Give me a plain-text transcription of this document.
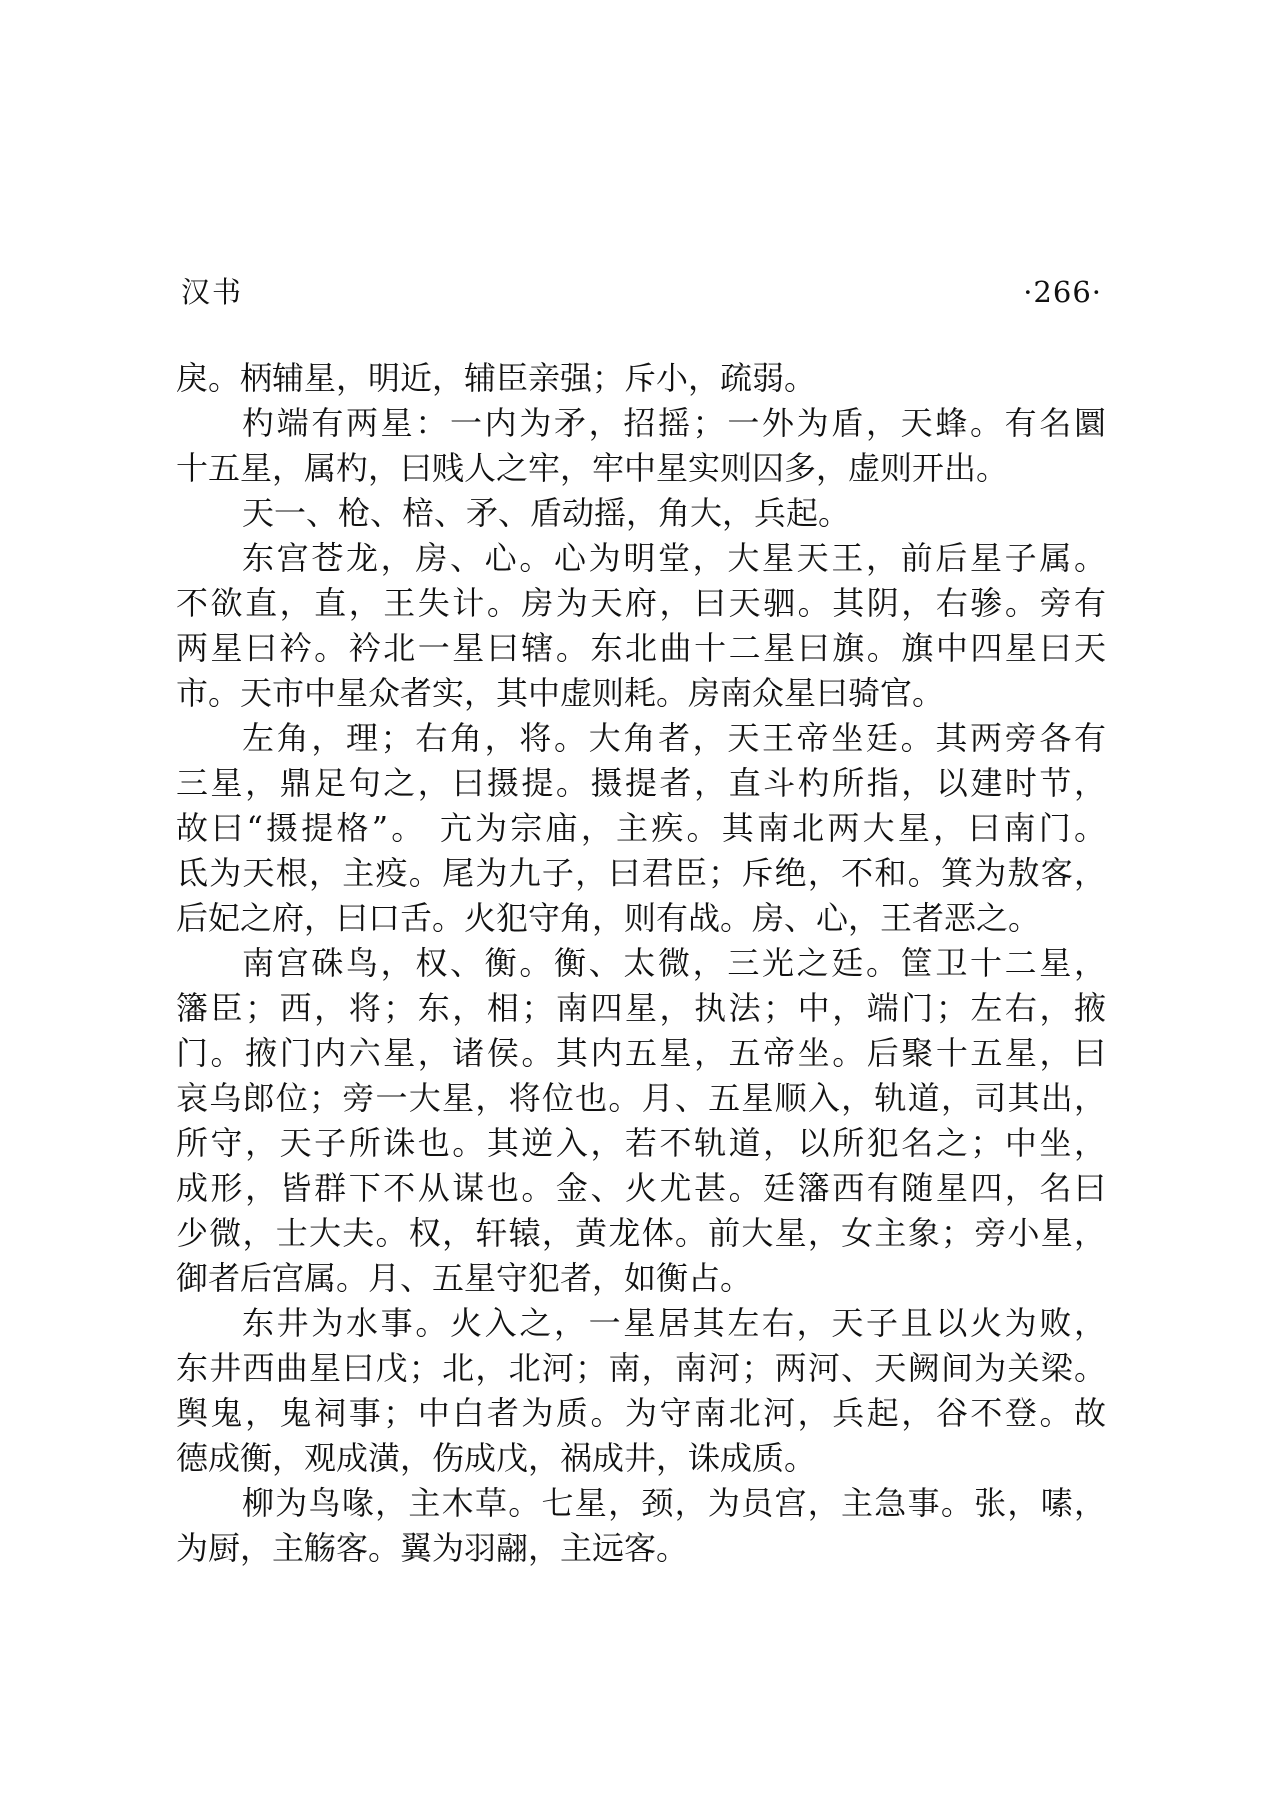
汉书	·266·
戾。柄辅星，明近，辅臣亲强；斥小，疏弱。
杓端有两星：一内为矛，招摇；一外为盾，天蜂。有名圜
十五星，属杓，曰贱人之牢，牢中星实则囚多，虚则开出。
天一、枪、棓、矛、盾动摇，角大，兵起。
东宫苍龙，房、心。心为明堂，大星天王，前后星子属。
不欲直，直，王失计。房为天府，曰天驷。其阴，右骖。旁有
两星曰衿。衿北一星曰辖。东北曲十二星曰旗。旗中四星曰天
市。天市中星众者实，其中虚则耗。房南众星曰骑官。
左角，理；右角，将。大角者，天王帝坐廷。其两旁各有
三星，鼎足句之，曰摄提。摄提者，直斗杓所指，以建时节，
故曰“摄提格”。 亢为宗庙，主疾。其南北两大星，曰南门。
氐为天根，主疫。尾为九子，曰君臣；斥绝，不和。箕为敖客，
后妃之府，曰口舌。火犯守角，则有战。房、心，王者恶之。
南宫硃鸟，权、衡。衡、太微，三光之廷。筐卫十二星，
籓臣；西，将；东，相；南四星，执法；中，端门；左右，掖
门。掖门内六星，诸侯。其内五星，五帝坐。后聚十五星，曰
哀乌郎位；旁一大星，将位也。月、五星顺入，轨道，司其出，
所守，天子所诛也。其逆入，若不轨道，以所犯名之；中坐，
成形，皆群下不从谋也。金、火尤甚。廷籓西有随星四，名曰
少微，士大夫。权，轩辕，黄龙体。前大星，女主象；旁小星，
御者后宫属。月、五星守犯者，如衡占。
东井为水事。火入之，一星居其左右，天子且以火为败，
东井西曲星曰戊；北，北河；南，南河；两河、天阙间为关梁。
舆鬼，鬼祠事；中白者为质。为守南北河，兵起，谷不登。故
德成衡，观成潢，伤成戊，祸成井，诛成质。
柳为鸟喙，主木草。七星，颈，为员宫，主急事。张，嗉，
为厨，主觞客。翼为羽翮，主远客。
